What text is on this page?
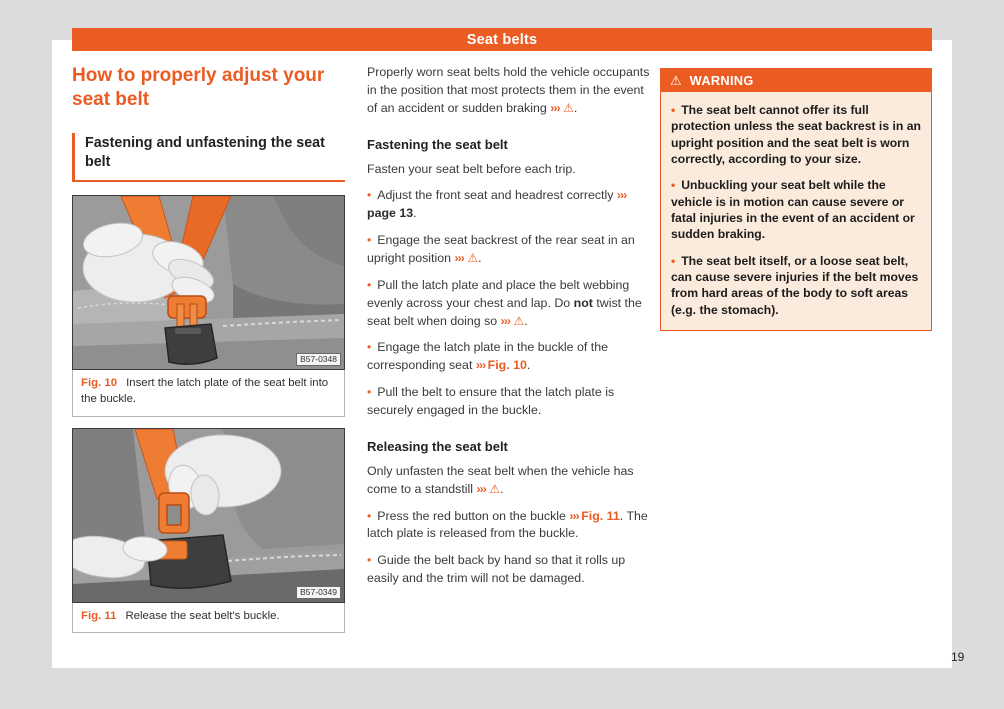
Seat belts
How to properly adjust your seat belt
Fastening and unfastening the seat belt
B57-0348
Fig. 10 Insert the latch plate of the seat belt into the buckle.
B57-0349
Fig. 11 Release the seat belt's buckle.
Properly worn seat belts hold the vehicle occupants in the position that most protects them in the event of an accident or sudden braking ››› ⚠.
Fastening the seat belt
Fasten your seat belt before each trip.
• Adjust the front seat and headrest correctly ››› page 13.
• Engage the seat backrest of the rear seat in an upright position ››› ⚠.
• Pull the latch plate and place the belt webbing evenly across your chest and lap. Do not twist the seat belt when doing so ››› ⚠.
• Engage the latch plate in the buckle of the corresponding seat ››› Fig. 10.
• Pull the belt to ensure that the latch plate is securely engaged in the buckle.
Releasing the seat belt
Only unfasten the seat belt when the vehicle has come to a standstill ››› ⚠.
• Press the red button on the buckle ››› Fig. 11. The latch plate is released from the buckle.
• Guide the belt back by hand so that it rolls up easily and the trim will not be damaged.
⚠ WARNING
• The seat belt cannot offer its full protection unless the seat backrest is in an upright position and the seat belt is worn correctly, according to your size.
• Unbuckling your seat belt while the vehicle is in motion can cause severe or fatal injuries in the event of an accident or sudden braking.
• The seat belt itself, or a loose seat belt, can cause severe injuries if the belt moves from hard areas of the body to soft areas (e.g. the stomach).
19
